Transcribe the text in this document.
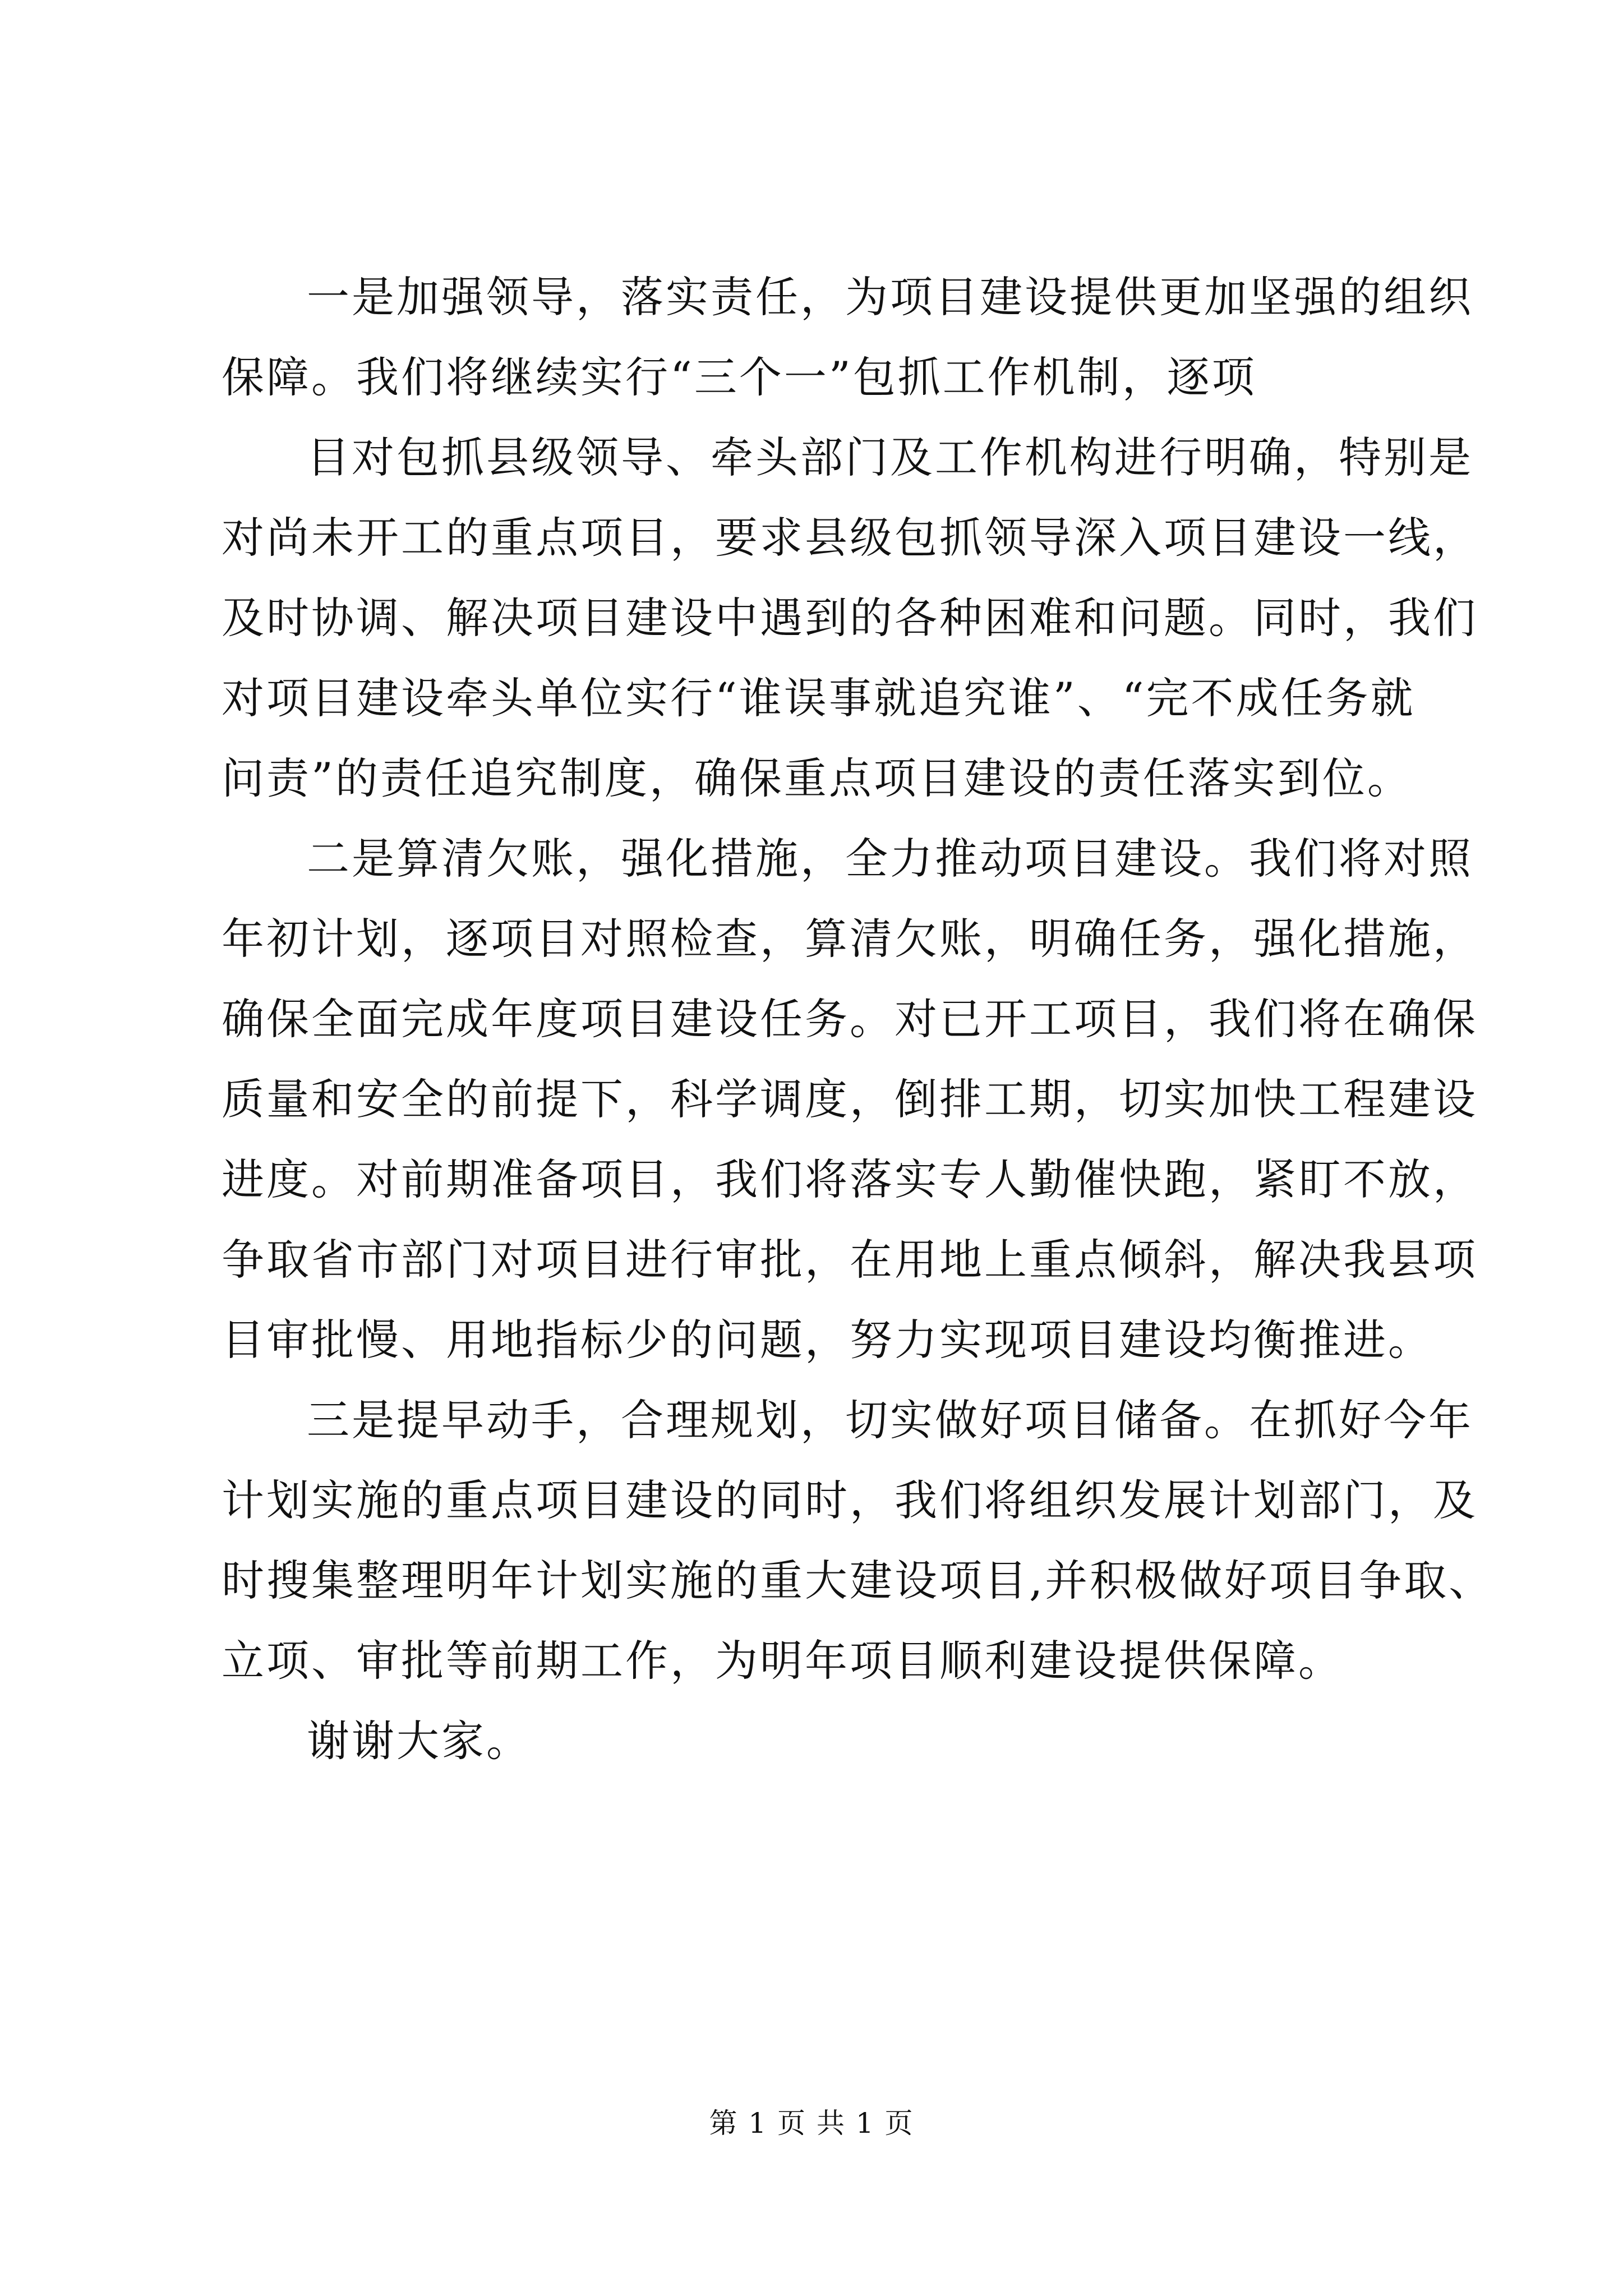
一是加强领导，落实责任，为项目建设提供更加坚强的组织
保障。我们将继续实行“三个一”包抓工作机制，逐项
目对包抓县级领导、牵头部门及工作机构进行明确，特别是
对尚未开工的重点项目，要求县级包抓领导深入项目建设一线，
及时协调、解决项目建设中遇到的各种困难和问题。同时，我们
对项目建设牵头单位实行“谁误事就追究谁”、“完不成任务就
问责”的责任追究制度，确保重点项目建设的责任落实到位。
二是算清欠账，强化措施，全力推动项目建设。我们将对照
年初计划，逐项目对照检查，算清欠账，明确任务，强化措施，
确保全面完成年度项目建设任务。对已开工项目，我们将在确保
质量和安全的前提下，科学调度，倒排工期，切实加快工程建设
进度。对前期准备项目，我们将落实专人勤催快跑，紧盯不放，
争取省市部门对项目进行审批，在用地上重点倾斜，解决我县项
目审批慢、用地指标少的问题，努力实现项目建设均衡推进。
三是提早动手，合理规划，切实做好项目储备。在抓好今年
计划实施的重点项目建设的同时，我们将组织发展计划部门，及
时搜集整理明年计划实施的重大建设项目,并积极做好项目争取、
立项、审批等前期工作，为明年项目顺利建设提供保障。
谢谢大家。
第 1 页 共 1 页
